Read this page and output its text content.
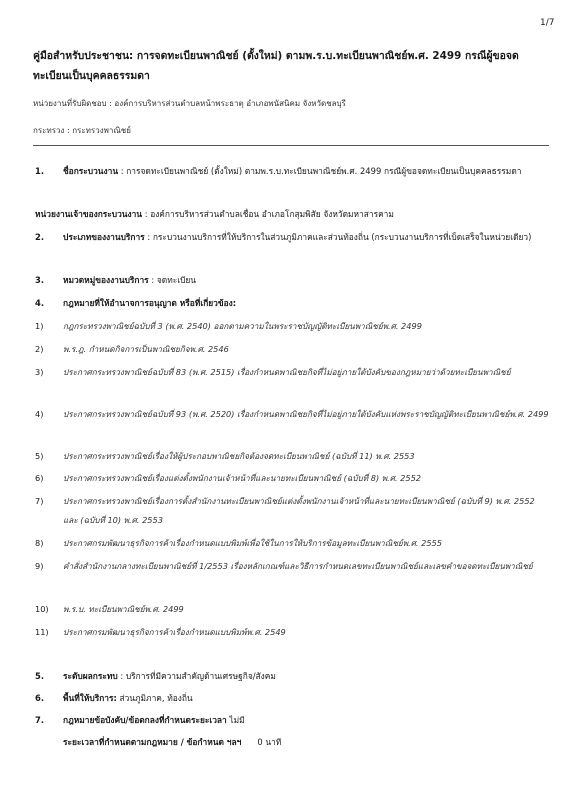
1/7
คู่มือสำหรับประชาชน: การจดทะเบียนพาณิชย์ (ตั้งใหม่) ตามพ.ร.บ.ทะเบียนพาณิชย์พ.ศ. 2499 กรณีผู้ขอจดทะเบียนเป็นบุคคลธรรมดา
หน่วยงานที่รับผิดชอบ : องค์การบริหารส่วนตำบลหน้าพระธาตุ อำเภอพนัสนิคม จังหวัดชลบุรี
กระทรวง : กระทรวงพาณิชย์
1. ชื่อกระบวนงาน : การจดทะเบียนพาณิชย์ (ตั้งใหม่) ตามพ.ร.บ.ทะเบียนพาณิชย์พ.ศ. 2499 กรณีผู้ขอจดทะเบียนเป็นบุคคลธรรมดา
หน่วยงานเจ้าของกระบวนงาน : องค์การบริหารส่วนตำบลเชื่อน อำเภอโกสุมพิสัย จังหวัดมหาสารคาม
2. ประเภทของงานบริการ : กระบวนงานบริการที่ให้บริการในส่วนภูมิภาคและส่วนท้องถิ่น (กระบวนงานบริการที่เบ็ดเสร็จในหน่วยเดียว)
3. หมวดหมู่ของงานบริการ : จดทะเบียน
4. กฎหมายที่ให้อำนาจการอนุญาต หรือที่เกี่ยวข้อง:
1) กฎกระทรวงพาณิชย์ฉบับที่ 3 (พ.ศ. 2540) ออกตามความในพระราชบัญญัติทะเบียนพาณิชย์พ.ศ. 2499
2) พ.ร.ฎ. กำหนดกิจการเป็นพาณิชยกิจพ.ศ. 2546
3) ประกาศกระทรวงพาณิชย์ฉบับที่ 83 (พ.ศ. 2515) เรื่องกำหนดพาณิชยกิจที่ไม่อยู่ภายใต้บังคับของกฎหมายว่าด้วยทะเบียนพาณิชย์
4) ประกาศกระทรวงพาณิชย์ฉบับที่ 93 (พ.ศ. 2520) เรื่องกำหนดพาณิชยกิจที่ไม่อยู่ภายใต้บังคับแห่งพระราชบัญญัติทะเบียนพาณิชย์พ.ศ. 2499
5) ประกาศกระทรวงพาณิชย์เรื่องให้ผู้ประกอบพาณิชยกิจต้องจดทะเบียนพาณิชย์ (ฉบับที่ 11) พ.ศ. 2553
6) ประกาศกระทรวงพาณิชย์เรื่องแต่งตั้งพนักงานเจ้าหน้าที่และนายทะเบียนพาณิชย์ (ฉบับที่ 8) พ.ศ. 2552
7) ประกาศกระทรวงพาณิชย์เรื่องการตั้งสำนักงานทะเบียนพาณิชย์แต่งตั้งพนักงานเจ้าหน้าที่และนายทะเบียนพาณิชย์ (ฉบับที่ 9) พ.ศ. 2552 และ (ฉบับที่ 10) พ.ศ. 2553
8) ประกาศกรมพัฒนาธุรกิจการค้าเรื่องกำหนดแบบพิมพ์เพื่อใช้ในการให้บริการข้อมูลทะเบียนพาณิชย์พ.ศ. 2555
9) คำสั่งสำนักงานกลางทะเบียนพาณิชย์ที่ 1/2553 เรื่องหลักเกณฑ์และวิธีการกำหนดเลขทะเบียนพาณิชย์และเลขคำขอจดทะเบียนพาณิชย์
10) พ.ร.บ. ทะเบียนพาณิชย์พ.ศ. 2499
11) ประกาศกรมพัฒนาธุรกิจการค้าเรื่องกำหนดแบบพิมพ์พ.ศ. 2549
5. ระดับผลกระทบ : บริการที่มีความสำคัญด้านเศรษฐกิจ/สังคม
6. พื้นที่ให้บริการ: ส่วนภูมิภาค, ท้องถิ่น
7. กฎหมายข้อบังคับ/ข้อตกลงที่กำหนดระยะเวลา ไม่มี
ระยะเวลาที่กำหนดตามกฎหมาย / ข้อกำหนด ฯลฯ 0 นาที
